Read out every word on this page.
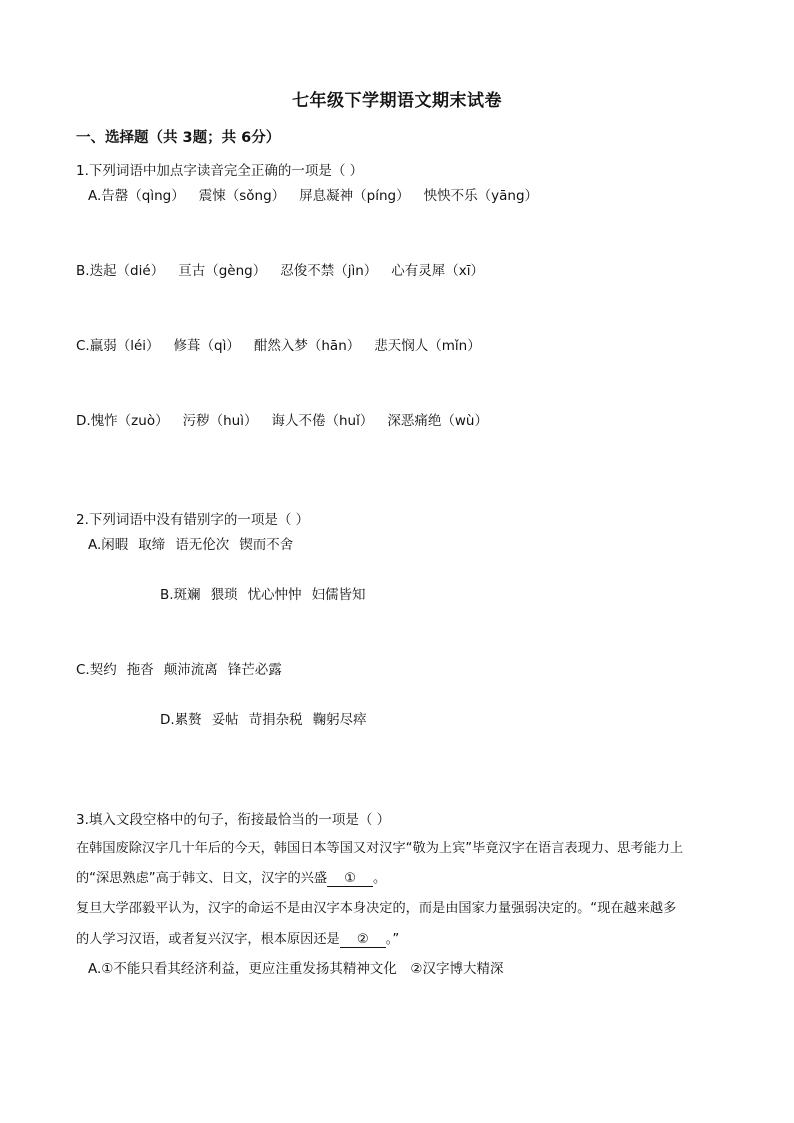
七年级下学期语文期末试卷
一、选择题（共 3题；共 6分）
1.下列词语中加点字读音完全正确的一项是（ ）
A.告罄（qìng） 震悚（sǒng） 屏息凝神（píng） 怏怏不乐（yāng）
B.迭起（dié） 亘古（gèng） 忍俊不禁（jìn） 心有灵犀（xī）
C.羸弱（léi） 修葺（qì） 酣然入梦（hān） 悲天悯人（mǐn）
D.愧怍（zuò） 污秽（huì） 诲人不倦（huǐ） 深恶痛绝（wù）
2.下列词语中没有错别字的一项是（ ）
A.闲暇 取缔 语无伦次 锲而不舍
B.斑斓 猥琐 忧心忡忡 妇儒皆知
C.契约 拖沓 颠沛流离 锋芒必露
D.累赘 妥帖 苛捐杂税 鞠躬尽瘁
3.填入文段空格中的句子，衔接最恰当的一项是（ ）
在韩国废除汉字几十年后的今天，韩国日本等国又对汉字“敬为上宾”毕竟汉字在语言表现力、思考能力上
的“深思熟虑”高于韩文、日文，汉字的兴盛 ① 。
复旦大学邵毅平认为，汉字的命运不是由汉字本身决定的，而是由国家力量强弱决定的。“现在越来越多
的人学习汉语，或者复兴汉字，根本原因还是 ② 。”
A.①不能只看其经济利益，更应注重发扬其精神文化　②汉字博大精深
